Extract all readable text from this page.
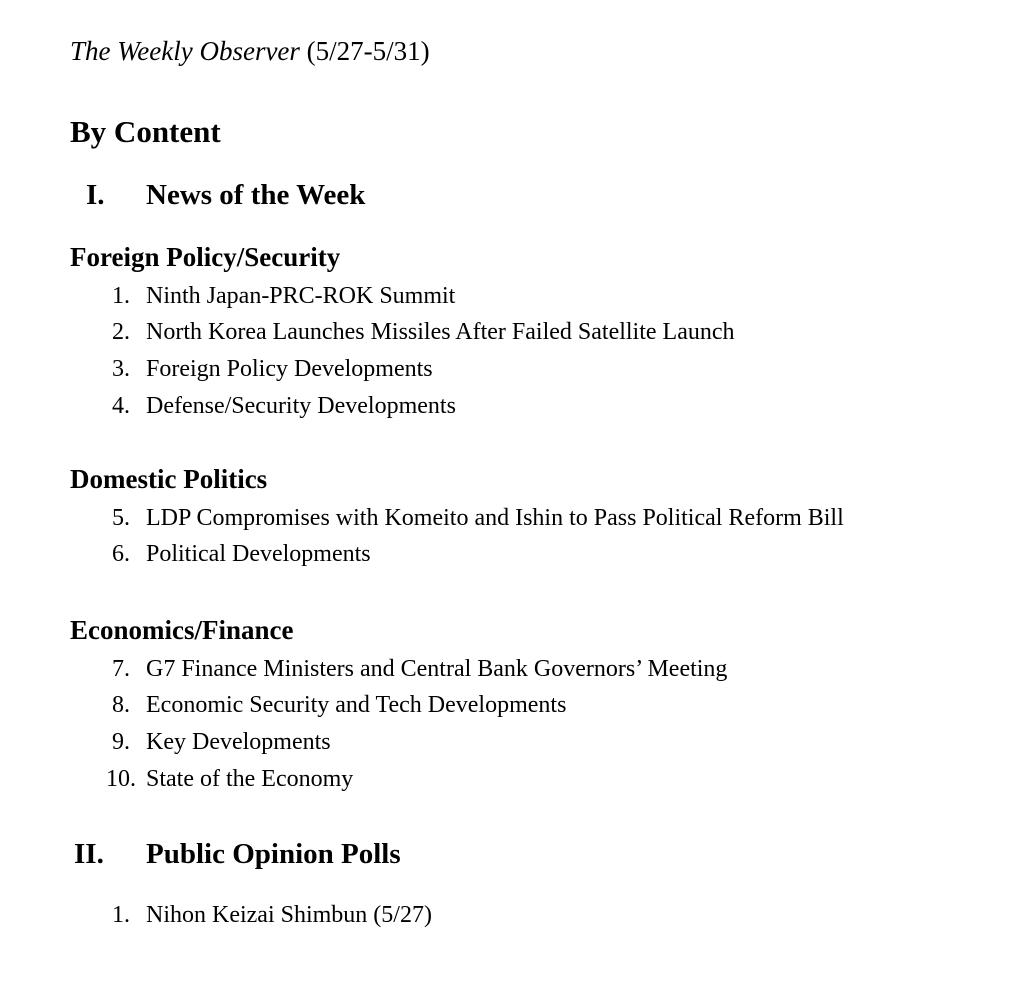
The Weekly Observer (5/27-5/31)
By Content
I. News of the Week
Foreign Policy/Security
1. Ninth Japan-PRC-ROK Summit
2. North Korea Launches Missiles After Failed Satellite Launch
3. Foreign Policy Developments
4. Defense/Security Developments
Domestic Politics
5. LDP Compromises with Komeito and Ishin to Pass Political Reform Bill
6. Political Developments
Economics/Finance
7. G7 Finance Ministers and Central Bank Governors’ Meeting
8. Economic Security and Tech Developments
9. Key Developments
10. State of the Economy
II. Public Opinion Polls
1. Nihon Keizai Shimbun (5/27)
